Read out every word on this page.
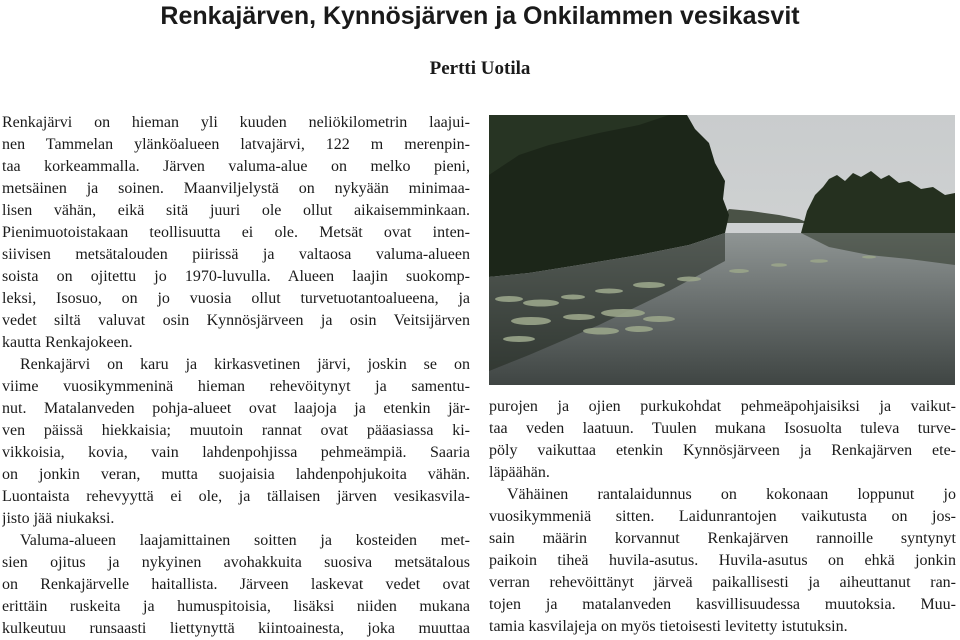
Renkajärven, Kynnösjärven ja Onkilammen vesikasvit
Pertti Uotila
Renkajärvi on hieman yli kuuden neliökilometrin laajui-
nen Tammelan ylänköalueen latvajärvi, 122 m merenpin-
taa korkeammalla. Järven valuma-alue on melko pieni,
metsäinen ja soinen. Maanviljelystä on nykyään minimaa-
lisen vähän, eikä sitä juuri ole ollut aikaisemminkaan.
Pienimuotoistakaan teollisuutta ei ole. Metsät ovat inten-
siivisen metsätalouden piirissä ja valtaosa valuma-alueen
soista on ojitettu jo 1970-luvulla. Alueen laajin suokomp-
leksi, Isosuo, on jo vuosia ollut turvetuotantoalueena, ja
vedet siltä valuvat osin Kynnösjärveen ja osin Veitsijärven
kautta Renkajokeen.
Renkajärvi on karu ja kirkasvetinen järvi, joskin se on
viime vuosikymmeninä hieman rehevöitynyt ja samentu-
nut. Matalanveden pohja-alueet ovat laajoja ja etenkin jär-
ven päissä hiekkaisia; muutoin rannat ovat pääasiassa ki-
vikkoisia, kovia, vain lahdenpohjissa pehmeämpiä. Saaria
on jonkin veran, mutta suojaisia lahdenpohjukoita vähän.
Luontaista rehevyyttä ei ole, ja tällaisen järven vesikasvila-
jisto jää niukaksi.
Valuma-alueen laajamittainen soitten ja kosteiden met-
sien ojitus ja nykyinen avohakkuita suosiva metsätalous
on Renkajärvelle haitallista. Järveen laskevat vedet ovat
erittäin ruskeita ja humuspitoisia, lisäksi niiden mukana
kulkeutuu runsaasti liettynyttä kiintoainesta, joka muuttaa
purojen ja ojien purkukohdat pehmeäpohjaisiksi ja vaikut-
taa veden laatuun. Tuulen mukana Isosuolta tuleva turve-
pöly vaikuttaa etenkin Kynnösjärveen ja Renkajärven ete-
läpäähän.
Vähäinen rantalaidunnus on kokonaan loppunut jo
vuosikymmeniä sitten. Laidunrantojen vaikutusta on jos-
sain määrin korvannut Renkajärven rannoille syntynyt
paikoin tiheä huvila-asutus. Huvila-asutus on ehkä jonkin
verran rehevöittänyt järveä paikallisesti ja aiheuttanut ran-
tojen ja matalanveden kasvillisuudessa muutoksia. Muu-
tamia kasvilajeja on myös tietoisesti levitetty istutuksin.
